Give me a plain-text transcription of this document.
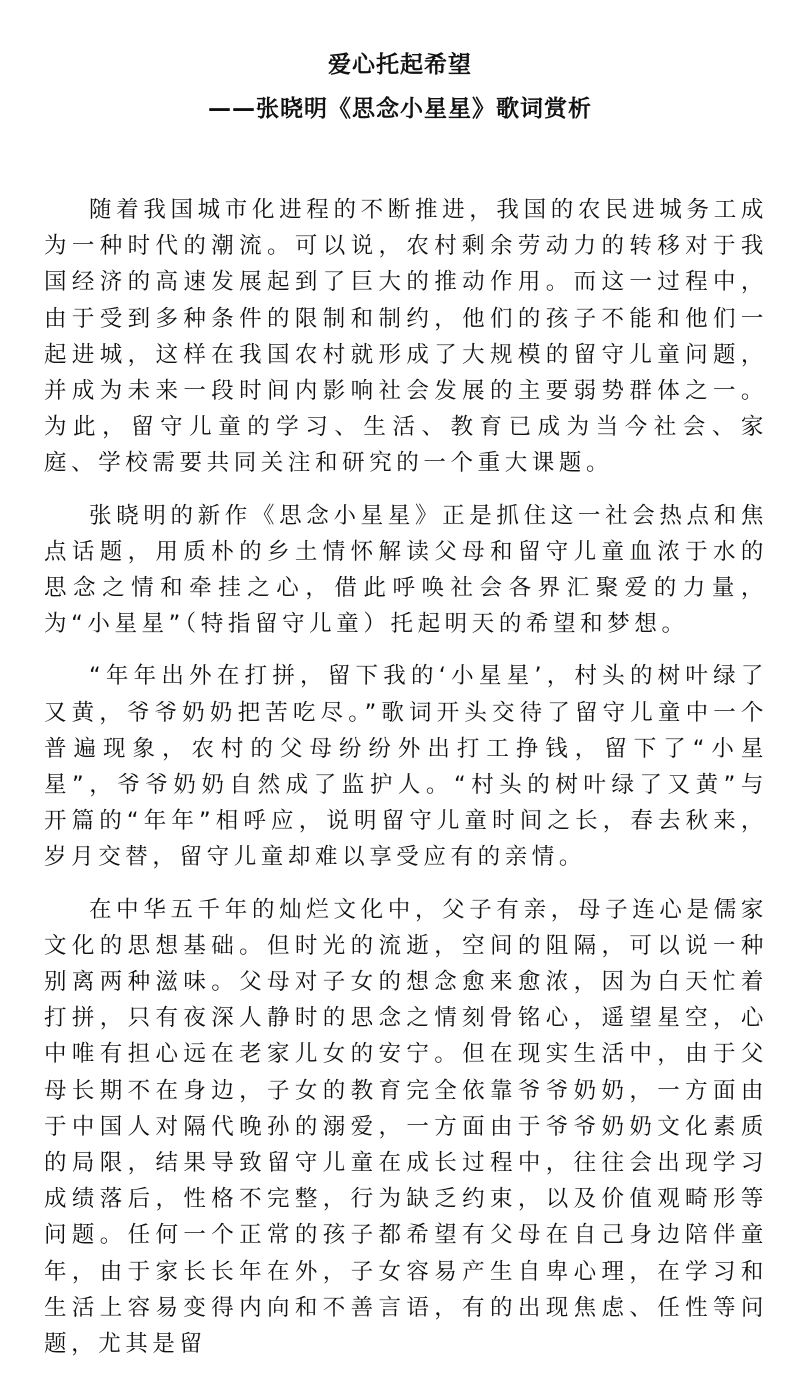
爱心托起希望
——张晓明《思念小星星》歌词赏析

随着我国城市化进程的不断推进，我国的农民进城务工成为一种时代的潮流。可以说，农村剩余劳动力的转移对于我国经济的高速发展起到了巨大的推动作用。而这一过程中，由于受到多种条件的限制和制约，他们的孩子不能和他们一起进城，这样在我国农村就形成了大规模的留守儿童问题，并成为未来一段时间内影响社会发展的主要弱势群体之一。为此，留守儿童的学习、生活、教育已成为当今社会、家庭、学校需要共同关注和研究的一个重大课题。

张晓明的新作《思念小星星》正是抓住这一社会热点和焦点话题，用质朴的乡土情怀解读父母和留守儿童血浓于水的思念之情和牵挂之心，借此呼唤社会各界汇聚爱的力量，为“小星星”（特指留守儿童）托起明天的希望和梦想。

“年年出外在打拼，留下我的‘小星星’，村头的树叶绿了又黄，爷爷奶奶把苦吃尽。”歌词开头交待了留守儿童中一个普遍现象，农村的父母纷纷外出打工挣钱，留下了“小星星”，爷爷奶奶自然成了监护人。“村头的树叶绿了又黄”与开篇的“年年”相呼应，说明留守儿童时间之长，春去秋来，岁月交替，留守儿童却难以享受应有的亲情。

在中华五千年的灿烂文化中，父子有亲，母子连心是儒家文化的思想基础。但时光的流逝，空间的阻隔，可以说一种别离两种滋味。父母对子女的想念愈来愈浓，因为白天忙着打拼，只有夜深人静时的思念之情刻骨铭心，遥望星空，心中唯有担心远在老家儿女的安宁。但在现实生活中，由于父母长期不在身边，子女的教育完全依靠爷爷奶奶，一方面由于中国人对隔代晚孙的溺爱，一方面由于爷爷奶奶文化素质的局限，结果导致留守儿童在成长过程中，往往会出现学习成绩落后，性格不完整，行为缺乏约束，以及价值观畸形等问题。任何一个正常的孩子都希望有父母在自己身边陪伴童年，由于家长长年在外，子女容易产生自卑心理，在学习和生活上容易变得内向和不善言语，有的出现焦虑、任性等问题，尤其是留
